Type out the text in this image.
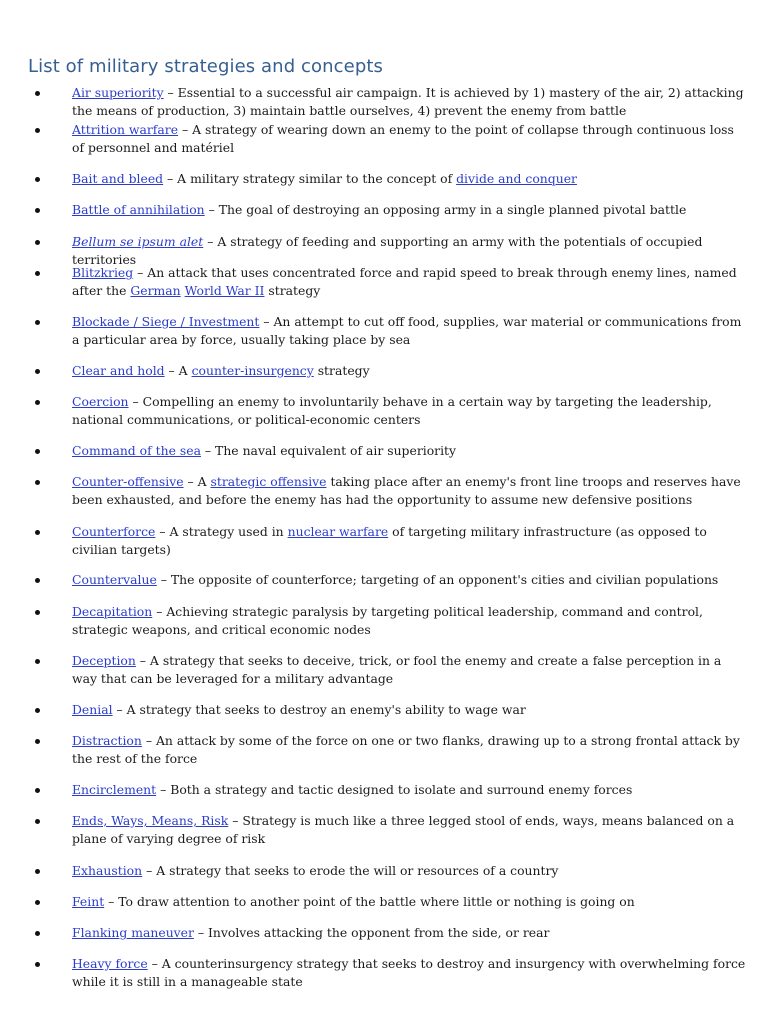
List of military strategies and concepts
Air superiority – Essential to a successful air campaign. It is achieved by 1) mastery of the air, 2) attacking the means of production, 3) maintain battle ourselves, 4) prevent the enemy from battle
Attrition warfare – A strategy of wearing down an enemy to the point of collapse through continuous loss of personnel and matériel
Bait and bleed – A military strategy similar to the concept of divide and conquer
Battle of annihilation – The goal of destroying an opposing army in a single planned pivotal battle
Bellum se ipsum alet – A strategy of feeding and supporting an army with the potentials of occupied territories
Blitzkrieg – An attack that uses concentrated force and rapid speed to break through enemy lines, named after the German World War II strategy
Blockade / Siege / Investment – An attempt to cut off food, supplies, war material or communications from a particular area by force, usually taking place by sea
Clear and hold – A counter-insurgency strategy
Coercion – Compelling an enemy to involuntarily behave in a certain way by targeting the leadership, national communications, or political-economic centers
Command of the sea – The naval equivalent of air superiority
Counter-offensive – A strategic offensive taking place after an enemy's front line troops and reserves have been exhausted, and before the enemy has had the opportunity to assume new defensive positions
Counterforce – A strategy used in nuclear warfare of targeting military infrastructure (as opposed to civilian targets)
Countervalue – The opposite of counterforce; targeting of an opponent's cities and civilian populations
Decapitation – Achieving strategic paralysis by targeting political leadership, command and control, strategic weapons, and critical economic nodes
Deception – A strategy that seeks to deceive, trick, or fool the enemy and create a false perception in a way that can be leveraged for a military advantage
Denial – A strategy that seeks to destroy an enemy's ability to wage war
Distraction – An attack by some of the force on one or two flanks, drawing up to a strong frontal attack by the rest of the force
Encirclement – Both a strategy and tactic designed to isolate and surround enemy forces
Ends, Ways, Means, Risk – Strategy is much like a three legged stool of ends, ways, means balanced on a plane of varying degree of risk
Exhaustion – A strategy that seeks to erode the will or resources of a country
Feint – To draw attention to another point of the battle where little or nothing is going on
Flanking maneuver – Involves attacking the opponent from the side, or rear
Heavy force – A counterinsurgency strategy that seeks to destroy and insurgency with overwhelming force while it is still in a manageable state
